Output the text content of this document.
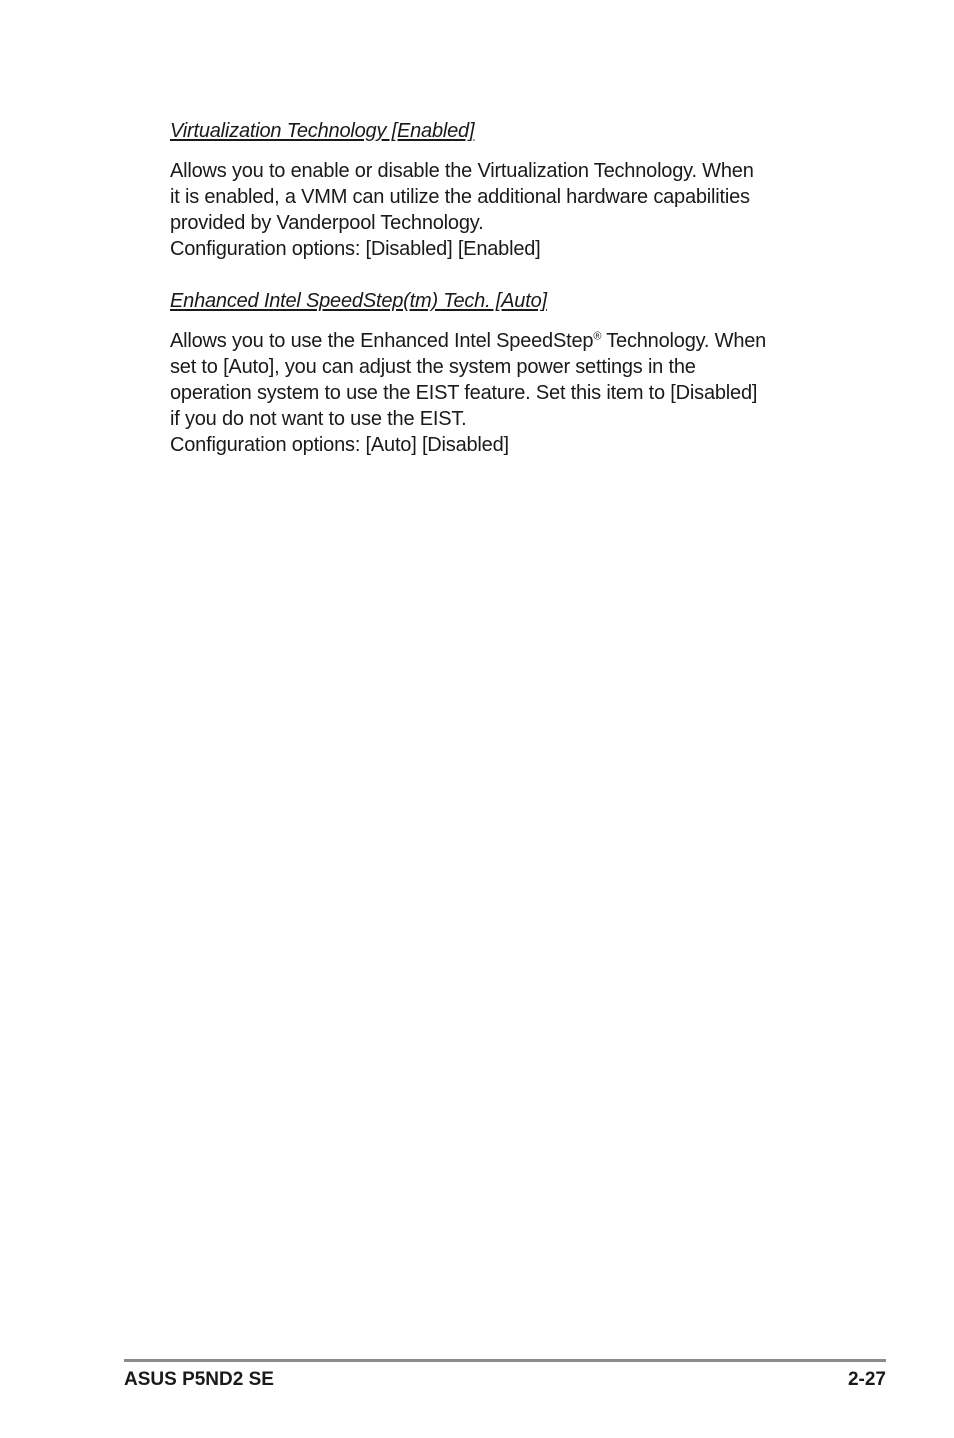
Virtualization Technology [Enabled]

Allows you to enable or disable the Virtualization Technology. When
it is enabled, a VMM can utilize the additional hardware capabilities
provided by Vanderpool Technology.
Configuration options: [Disabled] [Enabled]

Enhanced Intel SpeedStep(tm) Tech. [Auto]

Allows you to use the Enhanced Intel SpeedStep® Technology. When
set to [Auto], you can adjust the system power settings in the
operation system to use the EIST feature. Set this item to [Disabled]
if you do not want to use the EIST.
Configuration options: [Auto] [Disabled]

ASUS P5ND2 SE	2-27
